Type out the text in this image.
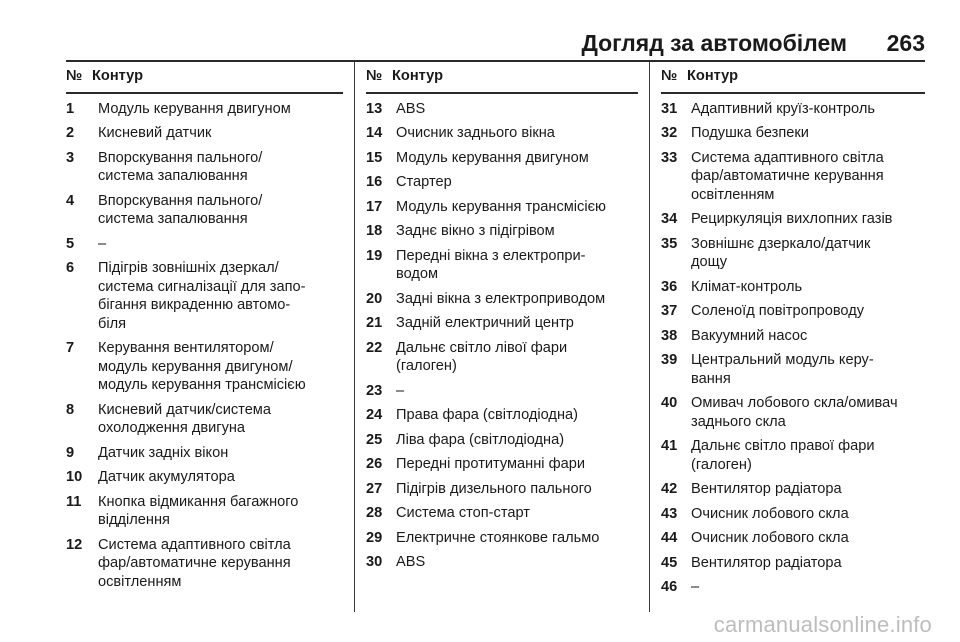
Догляд за автомобілем 263
№ Контур
1	Модуль керування двигуном
2	Кисневий датчик
3	Впорскування пального/
система запалювання
4	Впорскування пального/
система запалювання
5	–
6	Підігрів зовнішніх дзеркал/
система сигналізації для запо-
бігання викраденню автомо-
біля
7	Керування вентилятором/
модуль керування двигуном/
модуль керування трансмісією
8	Кисневий датчик/система
охолодження двигуна
9	Датчик задніх вікон
10	Датчик акумулятора
11	Кнопка відмикання багажного
відділення
12	Система адаптивного світла
фар/автоматичне керування
освітленням
№ Контур
13 ABS
14 Очисник заднього вікна
15 Модуль керування двигуном
16 Стартер
17 Модуль керування трансмісією
18 Заднє вікно з підігрівом
19 Передні вікна з електропри-
водом
20 Задні вікна з електроприводом
21 Задній електричний центр
22 Дальнє світло лівої фари
(галоген)
23 –
24 Права фара (світлодіодна)
25 Ліва фара (світлодіодна)
26 Передні протитуманні фари
27 Підігрів дизельного пального
28 Система стоп-старт
29 Електричне стоянкове гальмо
30 ABS
№ Контур
31 Адаптивний круїз-контроль
32 Подушка безпеки
33 Система адаптивного світла
фар/автоматичне керування
освітленням
34 Рециркуляція вихлопних газів
35 Зовнішнє дзеркало/датчик
дощу
36 Клімат-контроль
37 Соленоїд повітропроводу
38 Вакуумний насос
39 Центральний модуль керу-
вання
40 Омивач лобового скла/омивач
заднього скла
41 Дальнє світло правої фари
(галоген)
42 Вентилятор радіатора
43 Очисник лобового скла
44 Очисник лобового скла
45 Вентилятор радіатора
46 –
carmanualsonline.info
